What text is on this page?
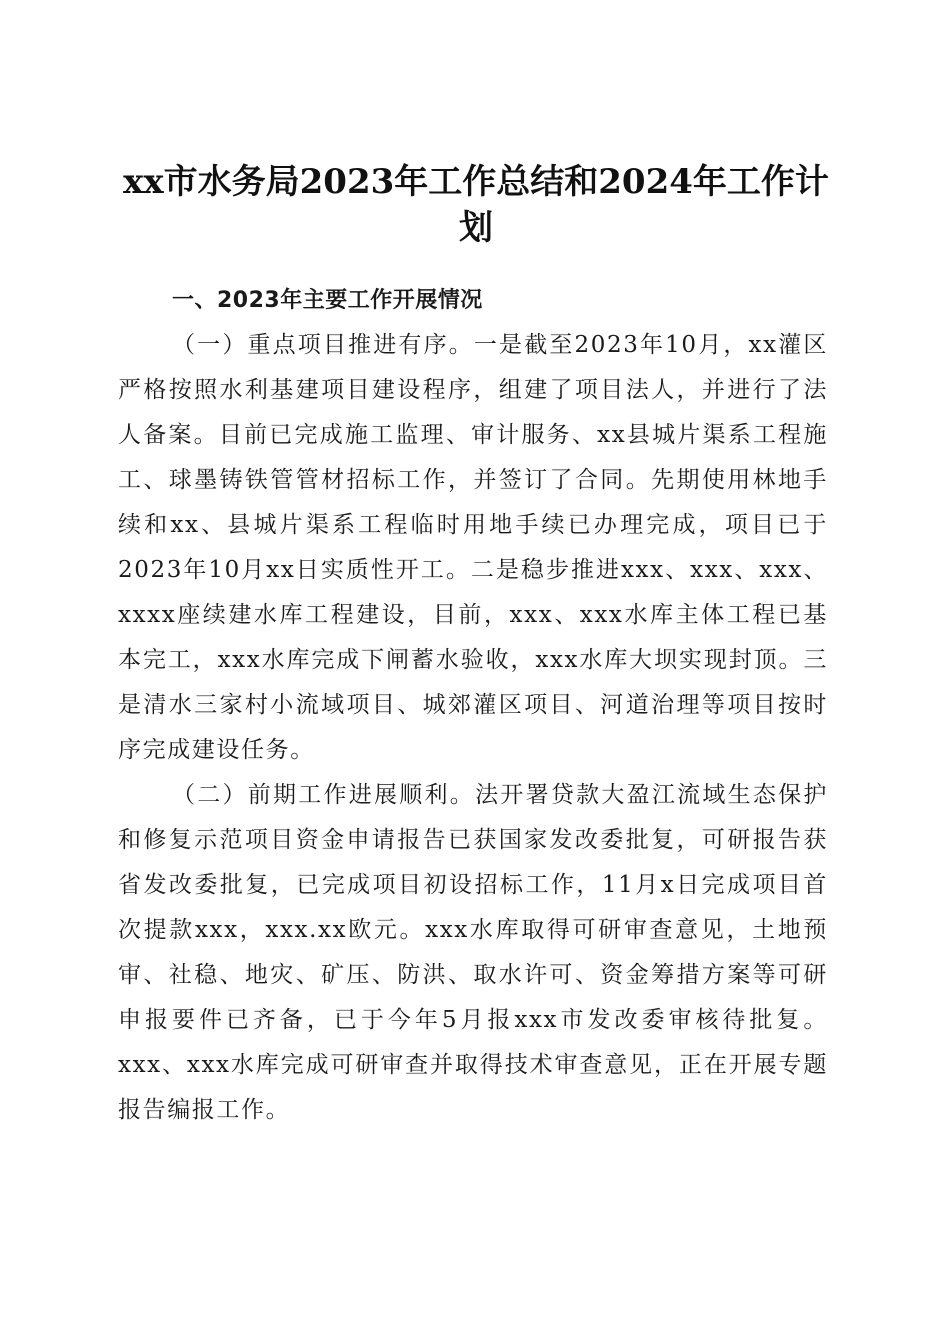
xx市水务局2023年工作总结和2024年工作计划

一、2023年主要工作开展情况

（一）重点项目推进有序。一是截至2023年10月，xx灌区严格按照水利基建项目建设程序，组建了项目法人，并进行了法人备案。目前已完成施工监理、审计服务、xx县城片渠系工程施工、球墨铸铁管管材招标工作，并签订了合同。先期使用林地手续和xx、县城片渠系工程临时用地手续已办理完成，项目已于2023年10月xx日实质性开工。二是稳步推进xxx、xxx、xxx、xxxx座续建水库工程建设，目前，xxx、xxx水库主体工程已基本完工，xxx水库完成下闸蓄水验收，xxx水库大坝实现封顶。三是清水三家村小流域项目、城郊灌区项目、河道治理等项目按时序完成建设任务。

（二）前期工作进展顺利。法开署贷款大盈江流域生态保护和修复示范项目资金申请报告已获国家发改委批复，可研报告获省发改委批复，已完成项目初设招标工作，11月x日完成项目首次提款xxx，xxx.xx欧元。xxx水库取得可研审查意见，土地预审、社稳、地灾、矿压、防洪、取水许可、资金筹措方案等可研申报要件已齐备，已于今年5月报xxx市发改委审核待批复。xxx、xxx水库完成可研审查并取得技术审查意见，正在开展专题报告编报工作。
